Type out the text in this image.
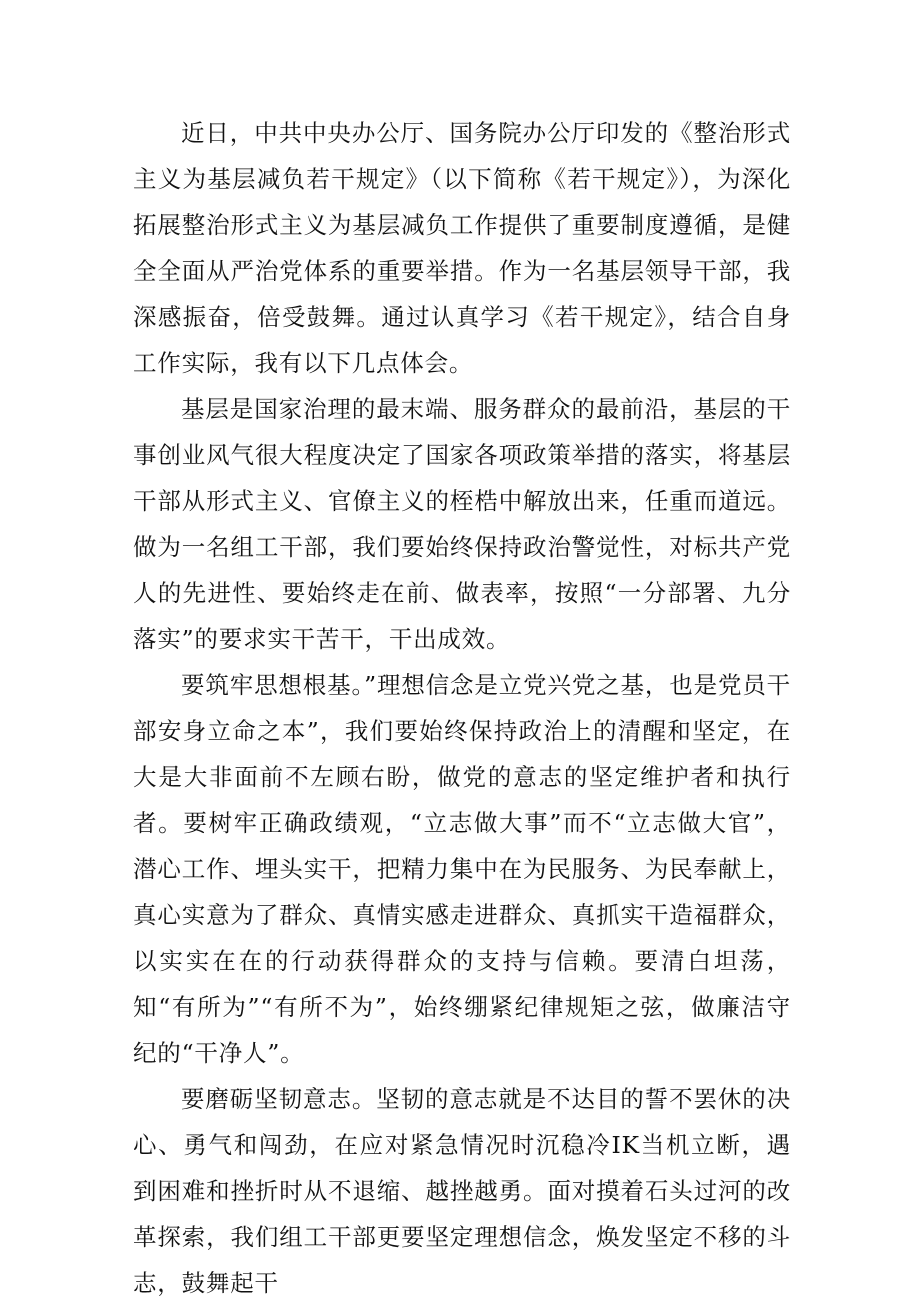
近日，中共中央办公厅、国务院办公厅印发的《整治形式主义为基层减负若干规定》（以下简称《若干规定》），为深化拓展整治形式主义为基层减负工作提供了重要制度遵循，是健全全面从严治党体系的重要举措。作为一名基层领导干部，我深感振奋，倍受鼓舞。通过认真学习《若干规定》，结合自身工作实际，我有以下几点体会。

基层是国家治理的最末端、服务群众的最前沿，基层的干事创业风气很大程度决定了国家各项政策举措的落实，将基层干部从形式主义、官僚主义的桎梏中解放出来，任重而道远。做为一名组工干部，我们要始终保持政治警觉性，对标共产党人的先进性、要始终走在前、做表率，按照“一分部署、九分落实”的要求实干苦干，干出成效。

要筑牢思想根基。”理想信念是立党兴党之基，也是党员干部安身立命之本”，我们要始终保持政治上的清醒和坚定，在大是大非面前不左顾右盼，做党的意志的坚定维护者和执行者。要树牢正确政绩观，“立志做大事”而不“立志做大官”，潜心工作、埋头实干，把精力集中在为民服务、为民奉献上，真心实意为了群众、真情实感走进群众、真抓实干造福群众，以实实在在的行动获得群众的支持与信赖。要清白坦荡，知“有所为”“有所不为”，始终绷紧纪律规矩之弦，做廉洁守纪的“干净人”。

要磨砺坚韧意志。坚韧的意志就是不达目的誓不罢休的决心、勇气和闯劲，在应对紧急情况时沉稳冷IK当机立断，遇到困难和挫折时从不退缩、越挫越勇。面对摸着石头过河的改革探索，我们组工干部更要坚定理想信念，焕发坚定不移的斗志，鼓舞起干
